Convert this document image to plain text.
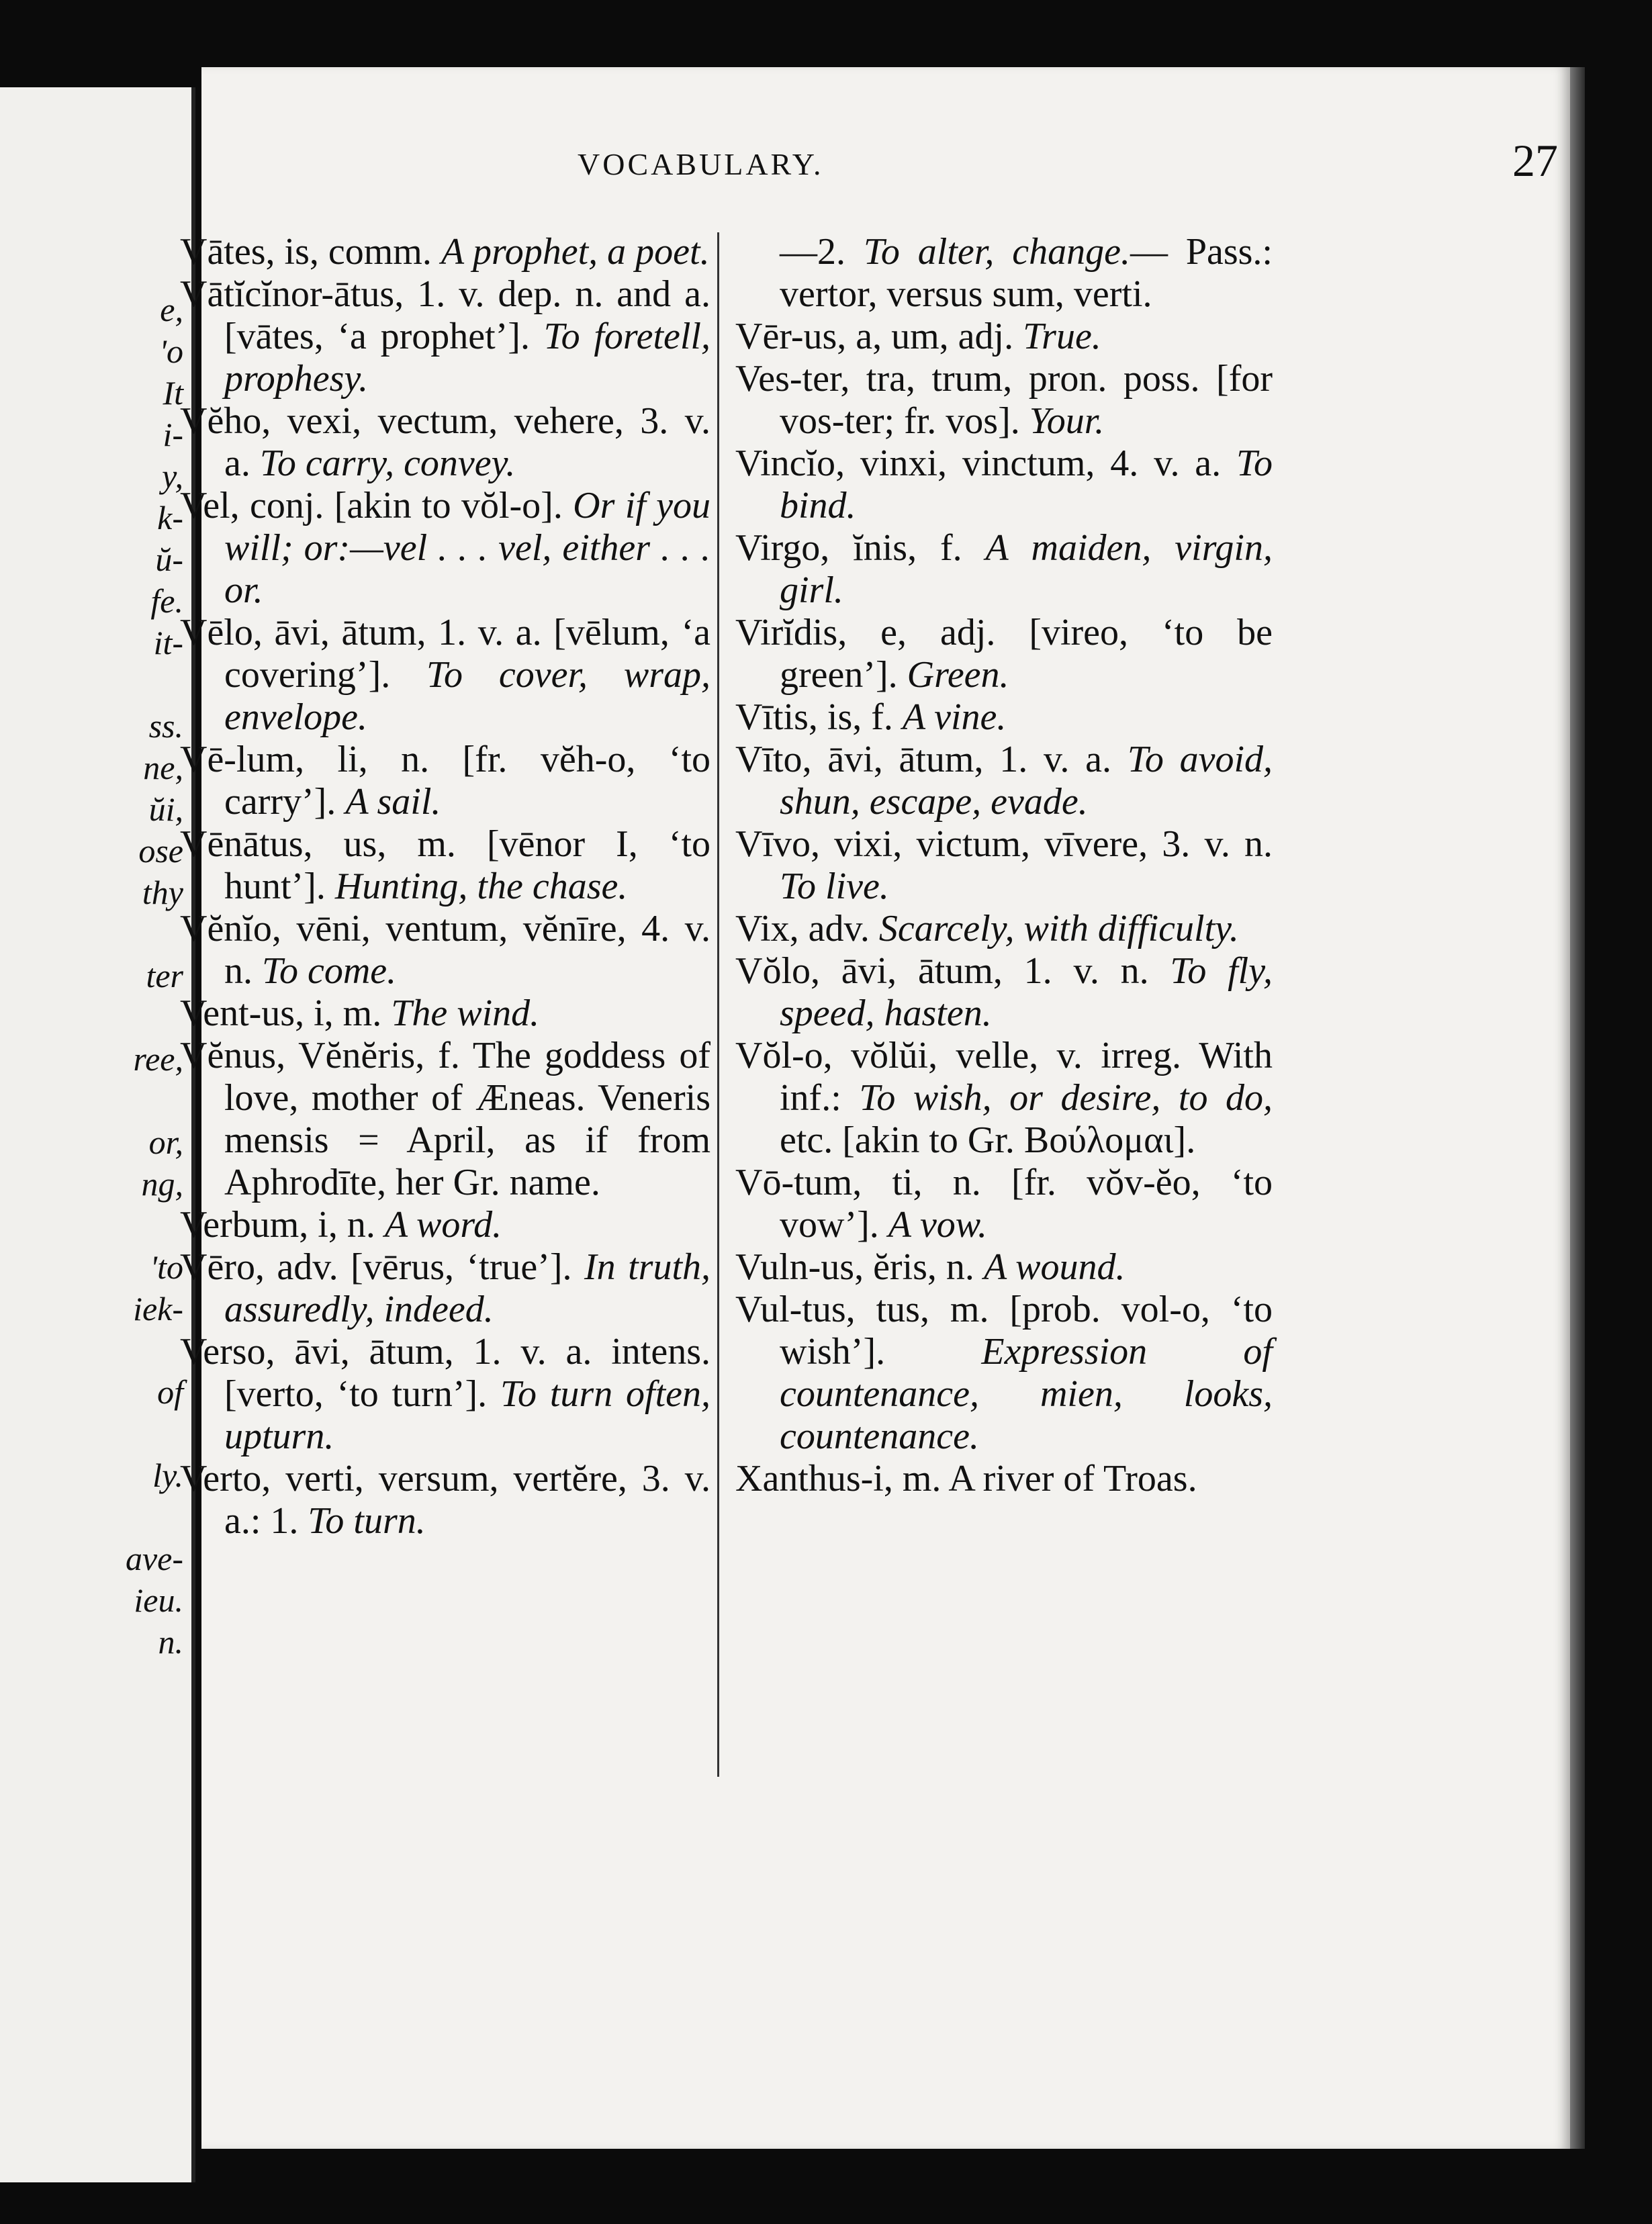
e,
'o
It
i-
y,
k-
ŭ-
fe.
it-
ss.
ne,
ŭi,
ose
thy
ter
ree,
or,
ng,
'to
iek-
of
ly.
ave-
ieu.
n.
VOCABULARY.	27
Vātes, is, comm. A prophet, a poet.
Vātĭcĭnor-ātus, 1. v. dep. n. and a. [vātes, ‘a prophet’]. To foretell, prophesy.
Vĕho, vexi, vectum, vehere, 3. v. a. To carry, convey.
Vel, conj. [akin to vŏl-o]. Or if you will; or:—vel . . . vel, either . . . or.
Vēlo, āvi, ātum, 1. v. a. [vēlum, ‘a covering’]. To cover, wrap, envelope.
Vē-lum, li, n. [fr. vĕh-o, ‘to carry’]. A sail.
Vēnātus, us, m. [vēnor I, ‘to hunt’]. Hunting, the chase.
Vĕnĭo, vēni, ventum, vĕnīre, 4. v. n. To come.
Vent-us, i, m. The wind.
Vĕnus, Vĕnĕris, f. The goddess of love, mother of Æneas. Veneris mensis = April, as if from Aphrodīte, her Gr. name.
Verbum, i, n. A word.
Vēro, adv. [vērus, ‘true’]. In truth, assuredly, indeed.
Verso, āvi, ātum, 1. v. a. intens. [verto, ‘to turn’]. To turn often, upturn.
Verto, verti, versum, vertĕre, 3. v. a.: 1. To turn.
—2. To alter, change.— Pass.: vertor, versus sum, verti.
Vēr-us, a, um, adj. True.
Ves-ter, tra, trum, pron. poss. [for vos-ter; fr. vos]. Your.
Vincĭo, vinxi, vinctum, 4. v. a. To bind.
Virgo, ĭnis, f. A maiden, virgin, girl.
Virĭdis, e, adj. [vireo, ‘to be green’]. Green.
Vītis, is, f. A vine.
Vīto, āvi, ātum, 1. v. a. To avoid, shun, escape, evade.
Vīvo, vixi, victum, vīvere, 3. v. n. To live.
Vix, adv. Scarcely, with difficulty.
Vŏlo, āvi, ātum, 1. v. n. To fly, speed, hasten.
Vŏl-o, vŏlŭi, velle, v. irreg. With inf.: To wish, or desire, to do, etc. [akin to Gr. Βούλομαι].
Vō-tum, ti, n. [fr. vŏv-ĕo, ‘to vow’]. A vow.
Vuln-us, ĕris, n. A wound.
Vul-tus, tus, m. [prob. vol-o, ‘to wish’]. Expression of countenance, mien, looks, countenance.
Xanthus-i, m. A river of Troas.
